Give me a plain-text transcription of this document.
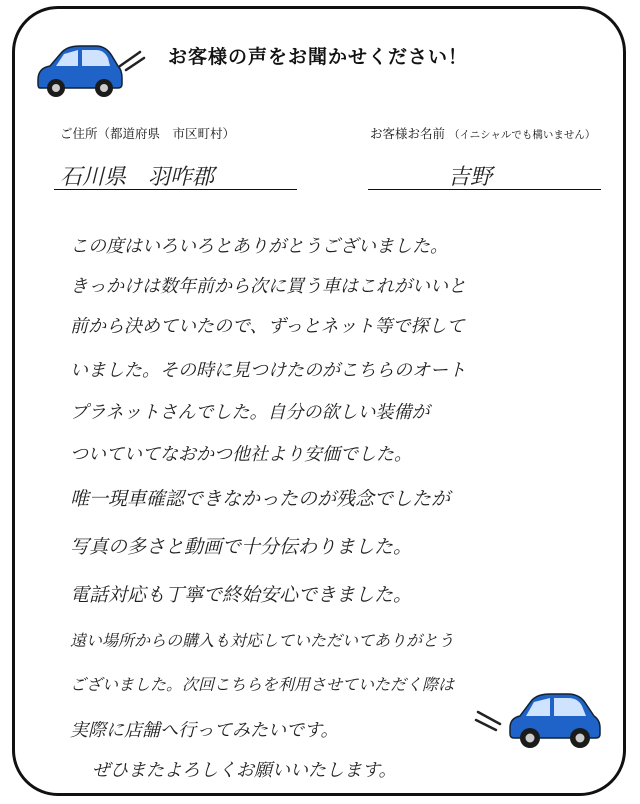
お客様の声をお聞かせください！
ご住所（都道府県　市区町村）	お客様お名前 （イニシャルでも構いません）
石川県　羽咋郡	吉野
この度はいろいろとありがとうございました。
きっかけは数年前から次に買う車はこれがいいと
前から決めていたので、ずっとネット等で探して
いました。その時に見つけたのがこちらのオート
プラネットさんでした。自分の欲しい装備が
ついていてなおかつ他社より安価でした。
唯一現車確認できなかったのが残念でしたが
写真の多さと動画で十分伝わりました。
電話対応も丁寧で終始安心できました。
遠い場所からの購入も対応していただいてありがとう
ございました。次回こちらを利用させていただく際は
実際に店舗へ行ってみたいです。
ぜひまたよろしくお願いいたします。
